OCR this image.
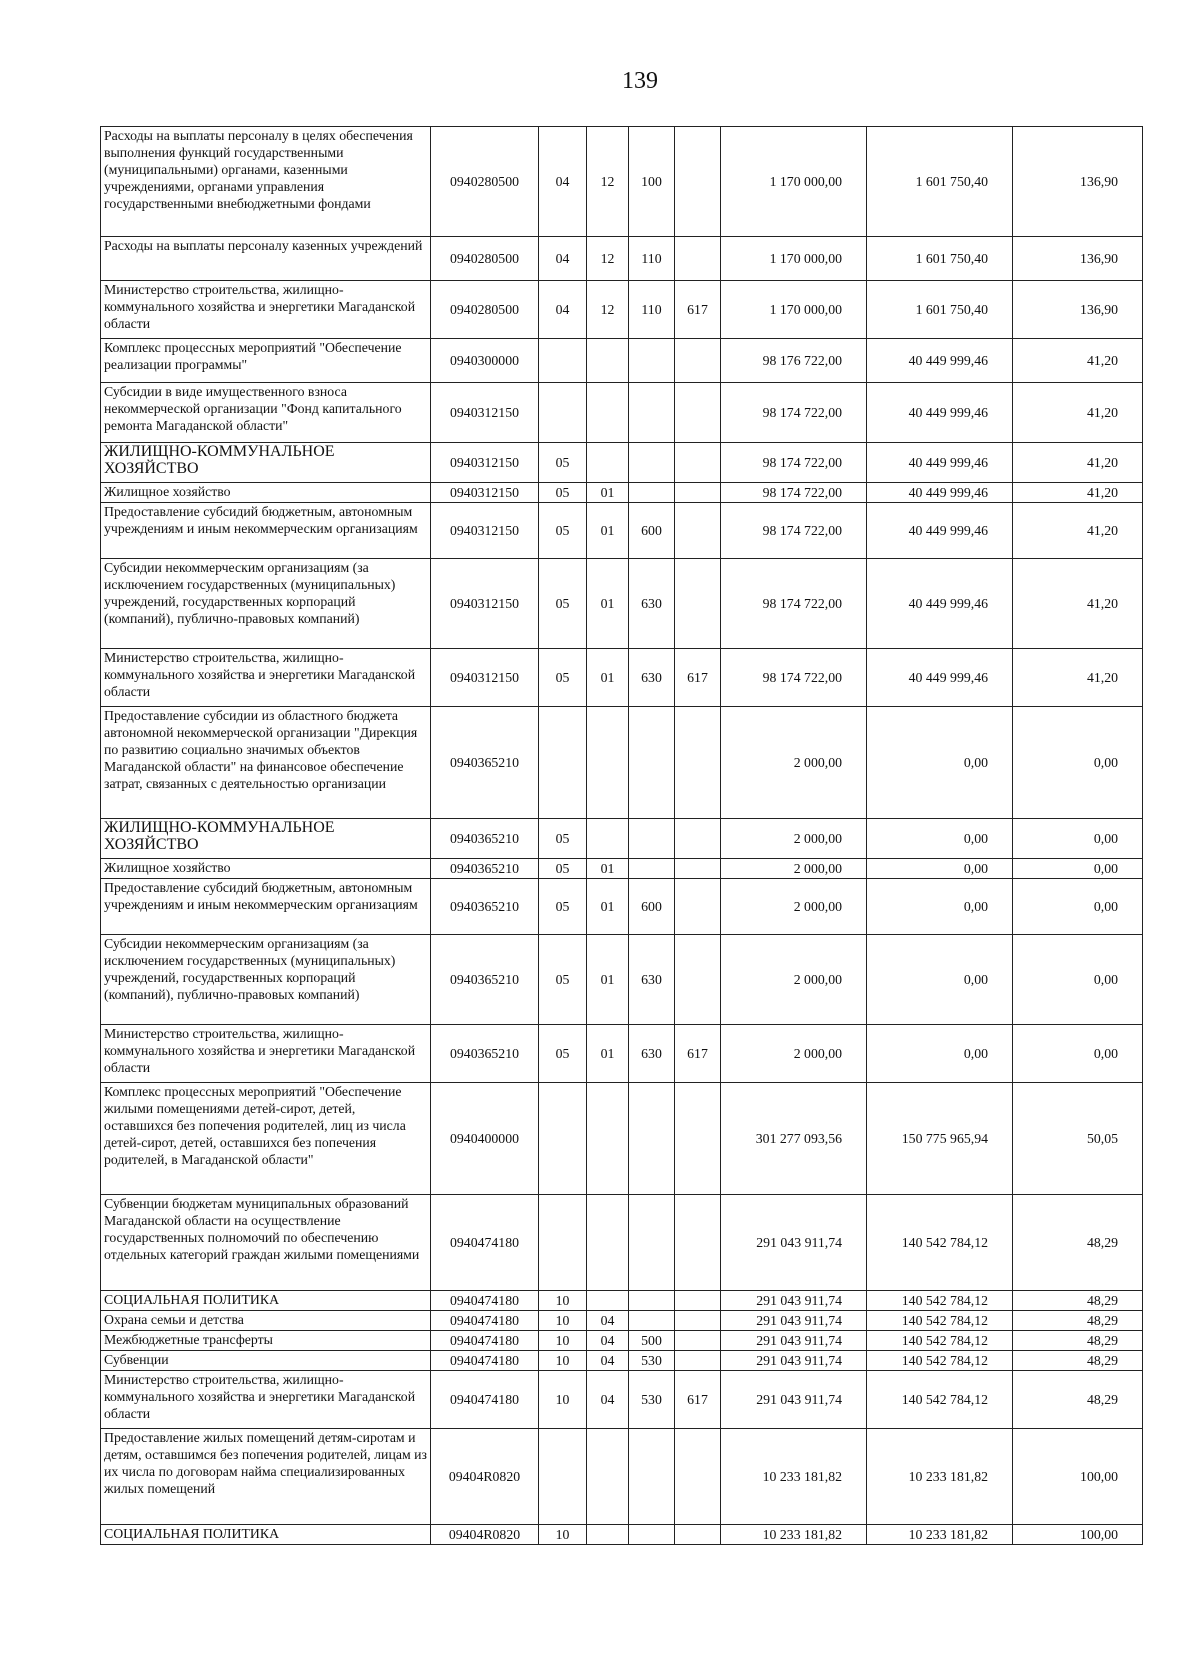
139
Расходы на выплаты персоналу в целях обеспечения выполнения функций государственными (муниципальными) органами, казенными учреждениями, органами управления государственными внебюджетными фондами	0940280500	04	12	100		1 170 000,00	1 601 750,40	136,90
Расходы на выплаты персоналу казенных учреждений	0940280500	04	12	110		1 170 000,00	1 601 750,40	136,90
Министерство строительства, жилищно-коммунального хозяйства и энергетики Магаданской области	0940280500	04	12	110	617	1 170 000,00	1 601 750,40	136,90
Комплекс процессных мероприятий "Обеспечение реализации программы"	0940300000					98 176 722,00	40 449 999,46	41,20
Субсидии в виде имущественного взноса некоммерческой организации "Фонд капитального ремонта Магаданской области"	0940312150					98 174 722,00	40 449 999,46	41,20
ЖИЛИЩНО-КОММУНАЛЬНОЕ ХОЗЯЙСТВО	0940312150	05				98 174 722,00	40 449 999,46	41,20
Жилищное хозяйство	0940312150	05	01			98 174 722,00	40 449 999,46	41,20
Предоставление субсидий бюджетным, автономным учреждениям и иным некоммерческим организациям	0940312150	05	01	600		98 174 722,00	40 449 999,46	41,20
Субсидии некоммерческим организациям (за исключением государственных (муниципальных) учреждений, государственных корпораций (компаний), публично-правовых компаний)	0940312150	05	01	630		98 174 722,00	40 449 999,46	41,20
Министерство строительства, жилищно-коммунального хозяйства и энергетики Магаданской области	0940312150	05	01	630	617	98 174 722,00	40 449 999,46	41,20
Предоставление субсидии из областного бюджета автономной некоммерческой организации "Дирекция по развитию социально значимых объектов Магаданской области" на финансовое обеспечение затрат, связанных с деятельностью организации	0940365210					2 000,00	0,00	0,00
ЖИЛИЩНО-КОММУНАЛЬНОЕ ХОЗЯЙСТВО	0940365210	05				2 000,00	0,00	0,00
Жилищное хозяйство	0940365210	05	01			2 000,00	0,00	0,00
Предоставление субсидий бюджетным, автономным учреждениям и иным некоммерческим организациям	0940365210	05	01	600		2 000,00	0,00	0,00
Субсидии некоммерческим организациям (за исключением государственных (муниципальных) учреждений, государственных корпораций (компаний), публично-правовых компаний)	0940365210	05	01	630		2 000,00	0,00	0,00
Министерство строительства, жилищно-коммунального хозяйства и энергетики Магаданской области	0940365210	05	01	630	617	2 000,00	0,00	0,00
Комплекс процессных мероприятий "Обеспечение жилыми помещениями детей-сирот, детей, оставшихся без попечения родителей, лиц из числа детей-сирот, детей, оставшихся без попечения родителей, в Магаданской области"	0940400000					301 277 093,56	150 775 965,94	50,05
Субвенции бюджетам муниципальных образований Магаданской области на осуществление государственных полномочий по обеспечению отдельных категорий граждан жилыми помещениями	0940474180					291 043 911,74	140 542 784,12	48,29
СОЦИАЛЬНАЯ ПОЛИТИКА	0940474180	10				291 043 911,74	140 542 784,12	48,29
Охрана семьи и детства	0940474180	10	04			291 043 911,74	140 542 784,12	48,29
Межбюджетные трансферты	0940474180	10	04	500		291 043 911,74	140 542 784,12	48,29
Субвенции	0940474180	10	04	530		291 043 911,74	140 542 784,12	48,29
Министерство строительства, жилищно-коммунального хозяйства и энергетики Магаданской области	0940474180	10	04	530	617	291 043 911,74	140 542 784,12	48,29
Предоставление жилых помещений детям-сиротам и детям, оставшимся без попечения родителей, лицам из их числа по договорам найма специализированных жилых помещений	09404R0820					10 233 181,82	10 233 181,82	100,00
СОЦИАЛЬНАЯ ПОЛИТИКА	09404R0820	10				10 233 181,82	10 233 181,82	100,00
